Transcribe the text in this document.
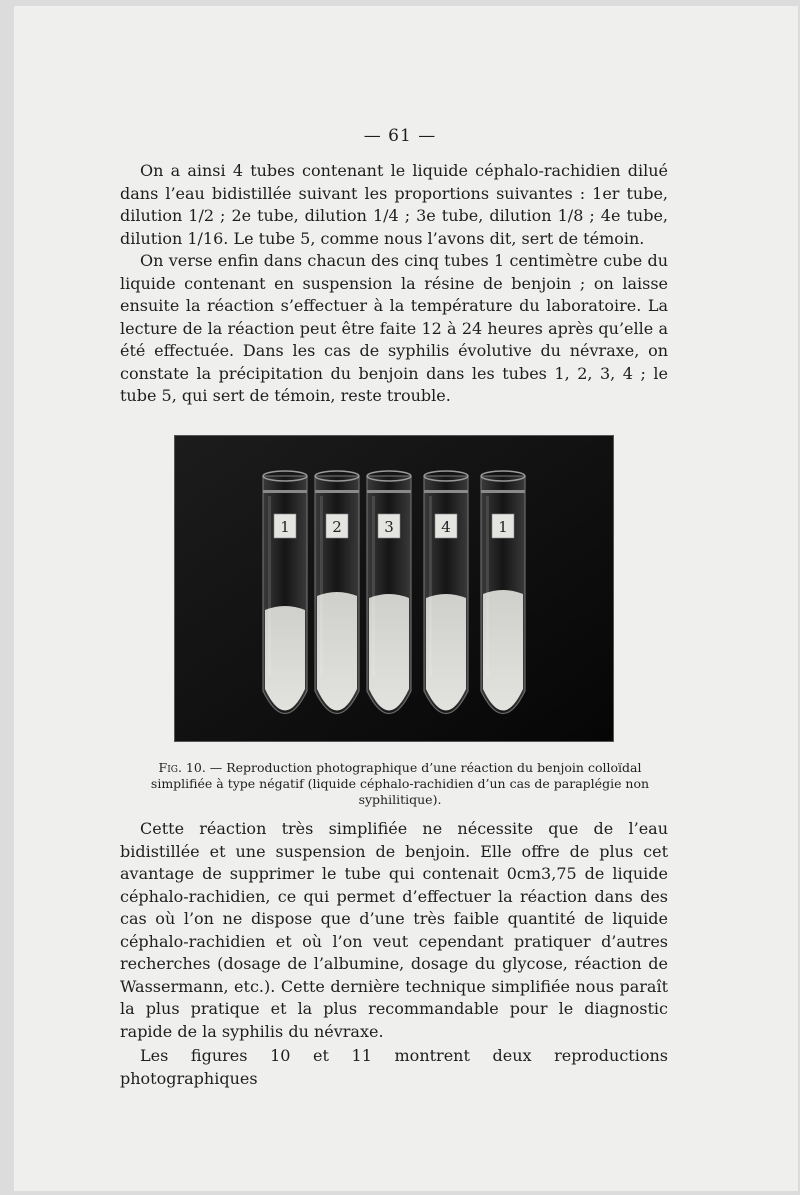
— 61 —

On a ainsi 4 tubes contenant le liquide céphalo-rachidien dilué dans l’eau bidistillée suivant les proportions suivantes : 1er tube, dilution 1/2 ; 2e tube, dilution 1/4 ; 3e tube, dilution 1/8 ; 4e tube, dilution 1/16. Le tube 5, comme nous l’avons dit, sert de témoin.

On verse enfin dans chacun des cinq tubes 1 centimètre cube du liquide contenant en suspension la résine de benjoin ; on laisse ensuite la réaction s’effectuer à la température du laboratoire. La lecture de la réaction peut être faite 12 à 24 heures après qu’elle a été effectuée. Dans les cas de syphilis évolutive du névraxe, on constate la précipitation du benjoin dans les tubes 1, 2, 3, 4 ; le tube 5, qui sert de témoin, reste trouble.

1	2	3	4	1
Fig. 10. — Reproduction photographique d’une réaction du benjoin colloïdal simplifiée à type négatif (liquide céphalo-rachidien d’un cas de paraplégie non syphilitique).

Cette réaction très simplifiée ne nécessite que de l’eau bidistillée et une suspension de benjoin. Elle offre de plus cet avantage de supprimer le tube qui contenait 0cm3,75 de liquide céphalo-rachidien, ce qui permet d’effectuer la réaction dans des cas où l’on ne dispose que d’une très faible quantité de liquide céphalo-rachidien et où l’on veut cependant pratiquer d’autres recherches (dosage de l’albumine, dosage du glycose, réaction de Wassermann, etc.). Cette dernière technique simplifiée nous paraît la plus pratique et la plus recommandable pour le diagnostic rapide de la syphilis du névraxe.

Les figures 10 et 11 montrent deux reproductions photographiques
